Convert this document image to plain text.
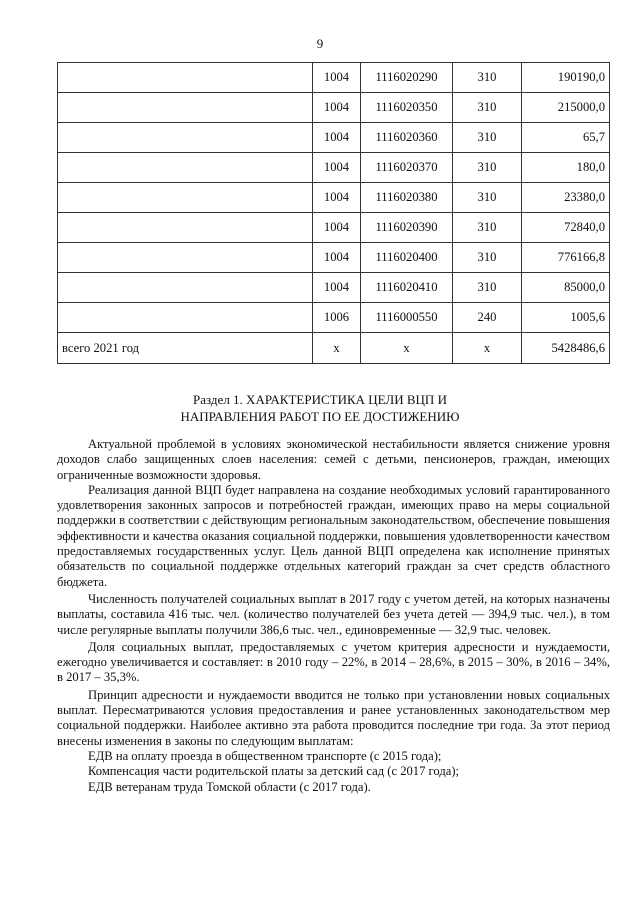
9
	1004	1116020290	310	190190,0
	1004	1116020350	310	215000,0
	1004	1116020360	310	65,7
	1004	1116020370	310	180,0
	1004	1116020380	310	23380,0
	1004	1116020390	310	72840,0
	1004	1116020400	310	776166,8
	1004	1116020410	310	85000,0
	1006	1116000550	240	1005,6
всего 2021 год	х	х	х	5428486,6
Раздел 1. ХАРАКТЕРИСТИКА ЦЕЛИ ВЦП И
НАПРАВЛЕНИЯ РАБОТ ПО ЕЕ ДОСТИЖЕНИЮ

Актуальной проблемой в условиях экономической нестабильности является снижение уровня доходов слабо защищенных слоев населения: семей с детьми, пенсионеров, граждан, имеющих ограниченные возможности здоровья.

Реализация данной ВЦП будет направлена на создание необходимых условий гарантированного удовлетворения законных запросов и потребностей граждан, имеющих право на меры социальной поддержки в соответствии с действующим региональным законодательством, обеспечение повышения эффективности и качества оказания социальной поддержки, повышения удовлетворенности качеством предоставляемых государственных услуг. Цель данной ВЦП определена как исполнение принятых обязательств по социальной поддержке отдельных категорий граждан за счет средств областного бюджета.

Численность получателей социальных выплат в 2017 году с учетом детей, на которых назначены выплаты, составила 416 тыс. чел. (количество получателей без учета детей — 394,9 тыс. чел.), в том числе регулярные выплаты получили 386,6 тыс. чел., единовременные — 32,9 тыс. человек.

Доля социальных выплат, предоставляемых с учетом критерия адресности и нуждаемости, ежегодно увеличивается и составляет: в 2010 году – 22%, в 2014 – 28,6%, в 2015 – 30%, в 2016 – 34%, в 2017 – 35,3%.

Принцип адресности и нуждаемости вводится не только при установлении новых социальных выплат. Пересматриваются условия предоставления и ранее установленных законодательством мер социальной поддержки. Наиболее активно эта работа проводится последние три года. За этот период внесены изменения в законы по следующим выплатам:

ЕДВ на оплату проезда в общественном транспорте (с 2015 года);

Компенсация части родительской платы за детский сад (с 2017 года);

ЕДВ ветеранам труда Томской области (с 2017 года).
